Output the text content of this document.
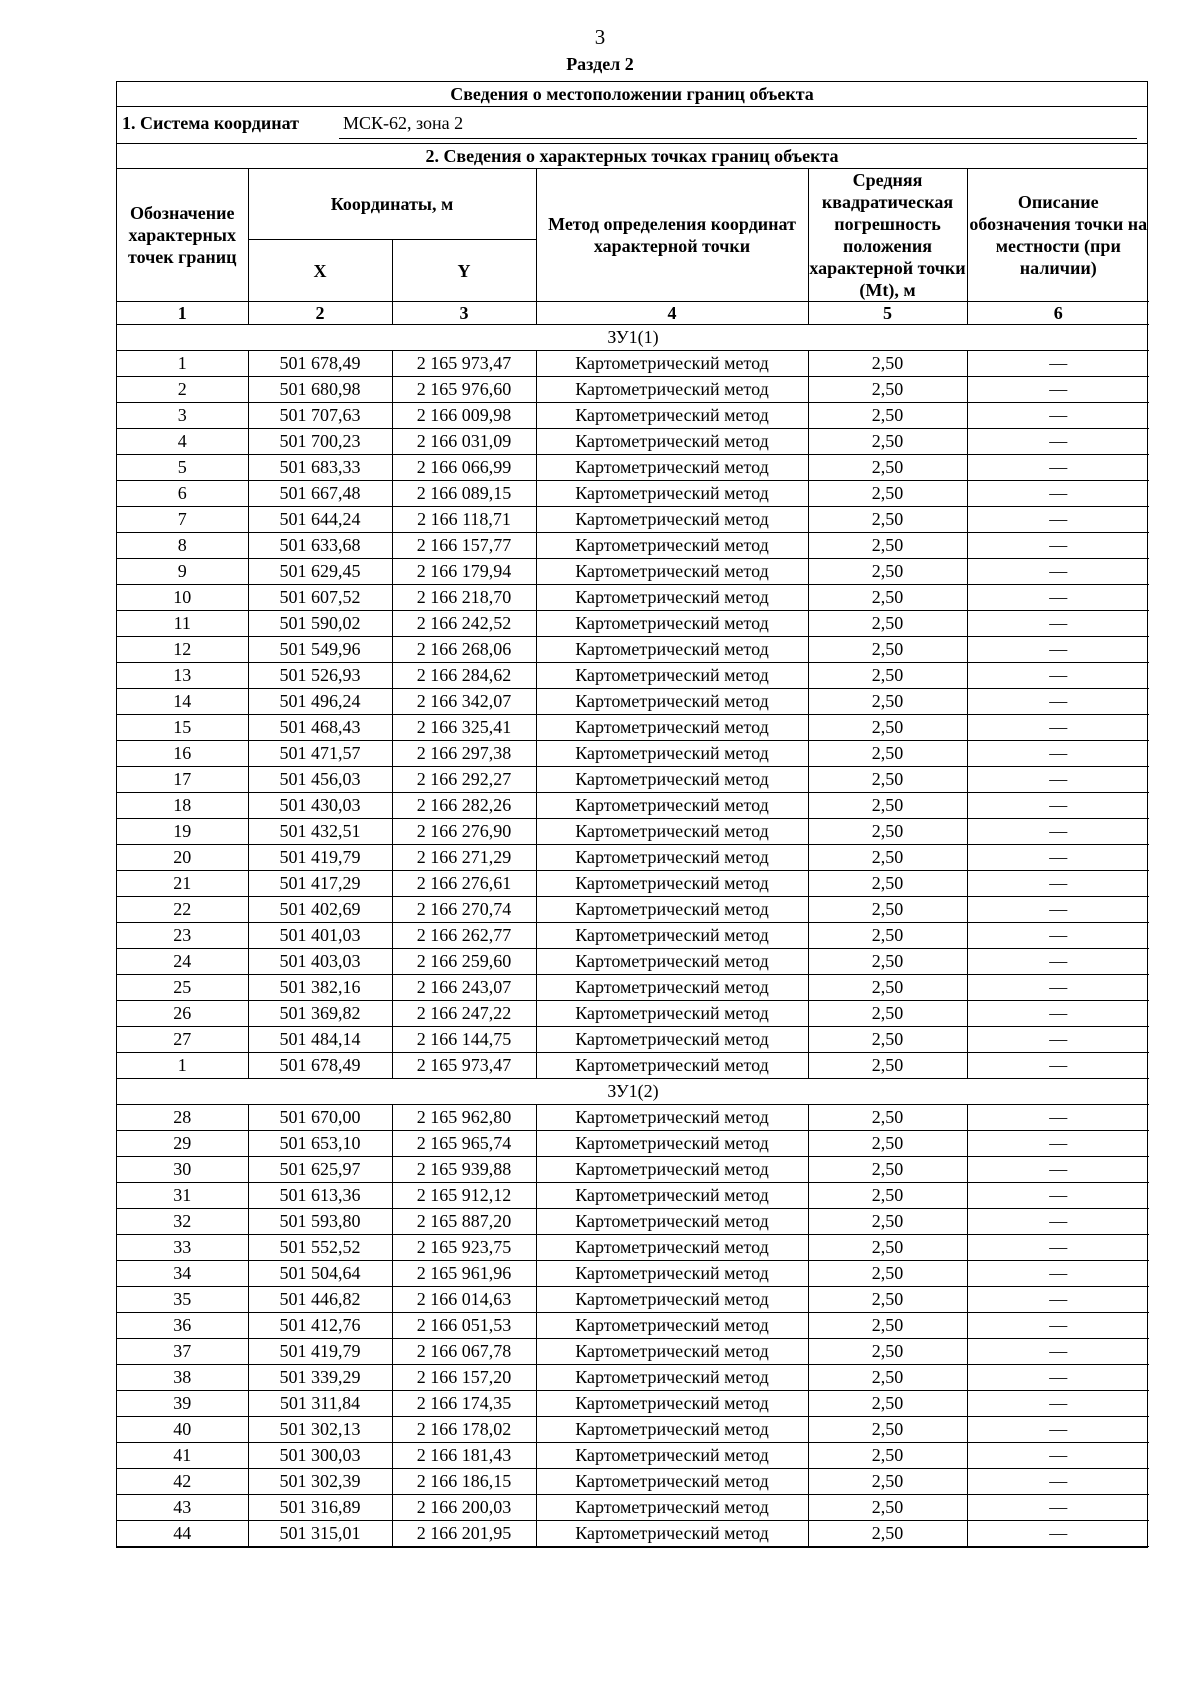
3
Раздел 2
Сведения о местоположении границ объекта
1. Система координат МСК-62, зона 2
2. Сведения о характерных точках границ объекта
Обозначение характерных точек границ	Координаты, м		Метод определения координат характерной точки	Средняя квадратическая погрешность положения характерной точки (Mt), м	Описание обозначения точки на местности (при наличии)
	X	Y			
1	2	3	4	5	6
ЗУ1(1)					
1	501 678,49	2 165 973,47	Картометрический метод	2,50	—
2	501 680,98	2 165 976,60	Картометрический метод	2,50	—
3	501 707,63	2 166 009,98	Картометрический метод	2,50	—
4	501 700,23	2 166 031,09	Картометрический метод	2,50	—
5	501 683,33	2 166 066,99	Картометрический метод	2,50	—
6	501 667,48	2 166 089,15	Картометрический метод	2,50	—
7	501 644,24	2 166 118,71	Картометрический метод	2,50	—
8	501 633,68	2 166 157,77	Картометрический метод	2,50	—
9	501 629,45	2 166 179,94	Картометрический метод	2,50	—
10	501 607,52	2 166 218,70	Картометрический метод	2,50	—
11	501 590,02	2 166 242,52	Картометрический метод	2,50	—
12	501 549,96	2 166 268,06	Картометрический метод	2,50	—
13	501 526,93	2 166 284,62	Картометрический метод	2,50	—
14	501 496,24	2 166 342,07	Картометрический метод	2,50	—
15	501 468,43	2 166 325,41	Картометрический метод	2,50	—
16	501 471,57	2 166 297,38	Картометрический метод	2,50	—
17	501 456,03	2 166 292,27	Картометрический метод	2,50	—
18	501 430,03	2 166 282,26	Картометрический метод	2,50	—
19	501 432,51	2 166 276,90	Картометрический метод	2,50	—
20	501 419,79	2 166 271,29	Картометрический метод	2,50	—
21	501 417,29	2 166 276,61	Картометрический метод	2,50	—
22	501 402,69	2 166 270,74	Картометрический метод	2,50	—
23	501 401,03	2 166 262,77	Картометрический метод	2,50	—
24	501 403,03	2 166 259,60	Картометрический метод	2,50	—
25	501 382,16	2 166 243,07	Картометрический метод	2,50	—
26	501 369,82	2 166 247,22	Картометрический метод	2,50	—
27	501 484,14	2 166 144,75	Картометрический метод	2,50	—
1	501 678,49	2 165 973,47	Картометрический метод	2,50	—
ЗУ1(2)					
28	501 670,00	2 165 962,80	Картометрический метод	2,50	—
29	501 653,10	2 165 965,74	Картометрический метод	2,50	—
30	501 625,97	2 165 939,88	Картометрический метод	2,50	—
31	501 613,36	2 165 912,12	Картометрический метод	2,50	—
32	501 593,80	2 165 887,20	Картометрический метод	2,50	—
33	501 552,52	2 165 923,75	Картометрический метод	2,50	—
34	501 504,64	2 165 961,96	Картометрический метод	2,50	—
35	501 446,82	2 166 014,63	Картометрический метод	2,50	—
36	501 412,76	2 166 051,53	Картометрический метод	2,50	—
37	501 419,79	2 166 067,78	Картометрический метод	2,50	—
38	501 339,29	2 166 157,20	Картометрический метод	2,50	—
39	501 311,84	2 166 174,35	Картометрический метод	2,50	—
40	501 302,13	2 166 178,02	Картометрический метод	2,50	—
41	501 300,03	2 166 181,43	Картометрический метод	2,50	—
42	501 302,39	2 166 186,15	Картометрический метод	2,50	—
43	501 316,89	2 166 200,03	Картометрический метод	2,50	—
44	501 315,01	2 166 201,95	Картометрический метод	2,50	—
